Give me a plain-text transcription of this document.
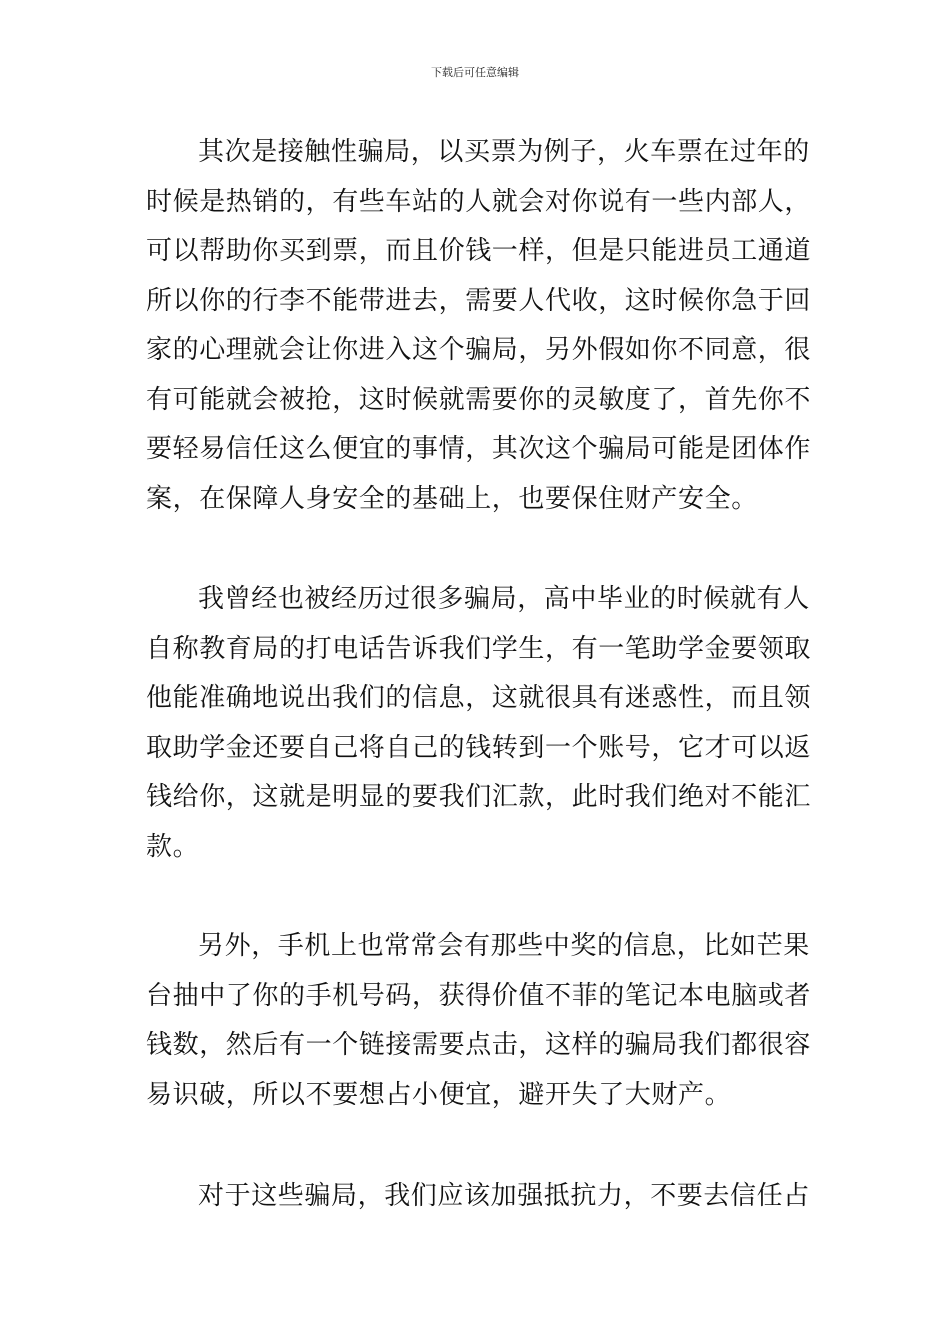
下载后可任意编辑
其次是接触性骗局，以买票为例子，火车票在过年的
时候是热销的，有些车站的人就会对你说有一些内部人，
可以帮助你买到票，而且价钱一样，但是只能进员工通道
所以你的行李不能带进去，需要人代收，这时候你急于回
家的心理就会让你进入这个骗局，另外假如你不同意，很
有可能就会被抢，这时候就需要你的灵敏度了，首先你不
要轻易信任这么便宜的事情，其次这个骗局可能是团体作
案，在保障人身安全的基础上，也要保住财产安全。
我曾经也被经历过很多骗局，高中毕业的时候就有人
自称教育局的打电话告诉我们学生，有一笔助学金要领取
他能准确地说出我们的信息，这就很具有迷惑性，而且领
取助学金还要自己将自己的钱转到一个账号，它才可以返
钱给你，这就是明显的要我们汇款，此时我们绝对不能汇
款。
另外，手机上也常常会有那些中奖的信息，比如芒果
台抽中了你的手机号码，获得价值不菲的笔记本电脑或者
钱数，然后有一个链接需要点击，这样的骗局我们都很容
易识破，所以不要想占小便宜，避开失了大财产。
对于这些骗局，我们应该加强抵抗力，不要去信任占
